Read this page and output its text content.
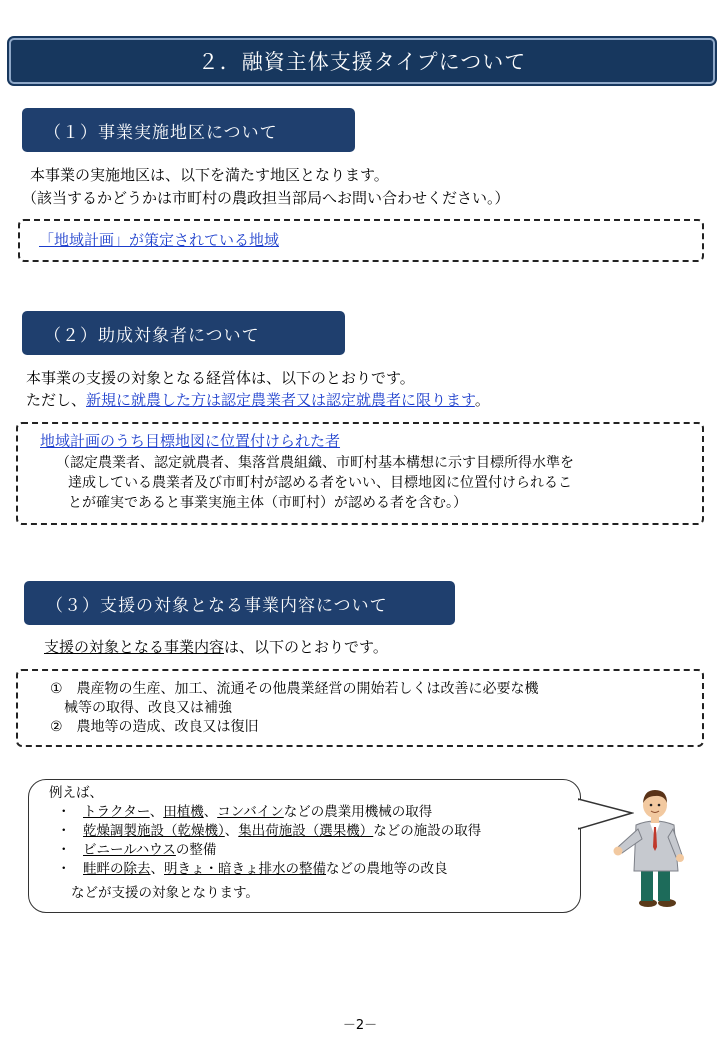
２．融資主体支援タイプについて
（１）事業実施地区について
本事業の実施地区は、以下を満たす地区となります。
（該当するかどうかは市町村の農政担当部局へお問い合わせください。）
「地域計画」が策定されている地域
（２）助成対象者について
本事業の支援の対象となる経営体は、以下のとおりです。
ただし、新規に就農した方は認定農業者又は認定就農者に限ります。
地域計画のうち目標地図に位置付けられた者
（認定農業者、認定就農者、集落営農組織、市町村基本構想に示す目標所得水準を
達成している農業者及び市町村が認める者をいい、目標地図に位置付けられるこ
とが確実であると事業実施主体（市町村）が認める者を含む。）
（３）支援の対象となる事業内容について
支援の対象となる事業内容は、以下のとおりです。
①　農産物の生産、加工、流通その他農業経営の開始若しくは改善に必要な機
械等の取得、改良又は補強
②　農地等の造成、改良又は復旧
例えば、
・ トラクター、田植機、コンバインなどの農業用機械の取得
・ 乾燥調製施設（乾燥機）、集出荷施設（選果機）などの施設の取得
・ ビニールハウスの整備
・ 畦畔の除去、明きょ・暗きょ排水の整備などの農地等の改良
などが支援の対象となります。
－2－
